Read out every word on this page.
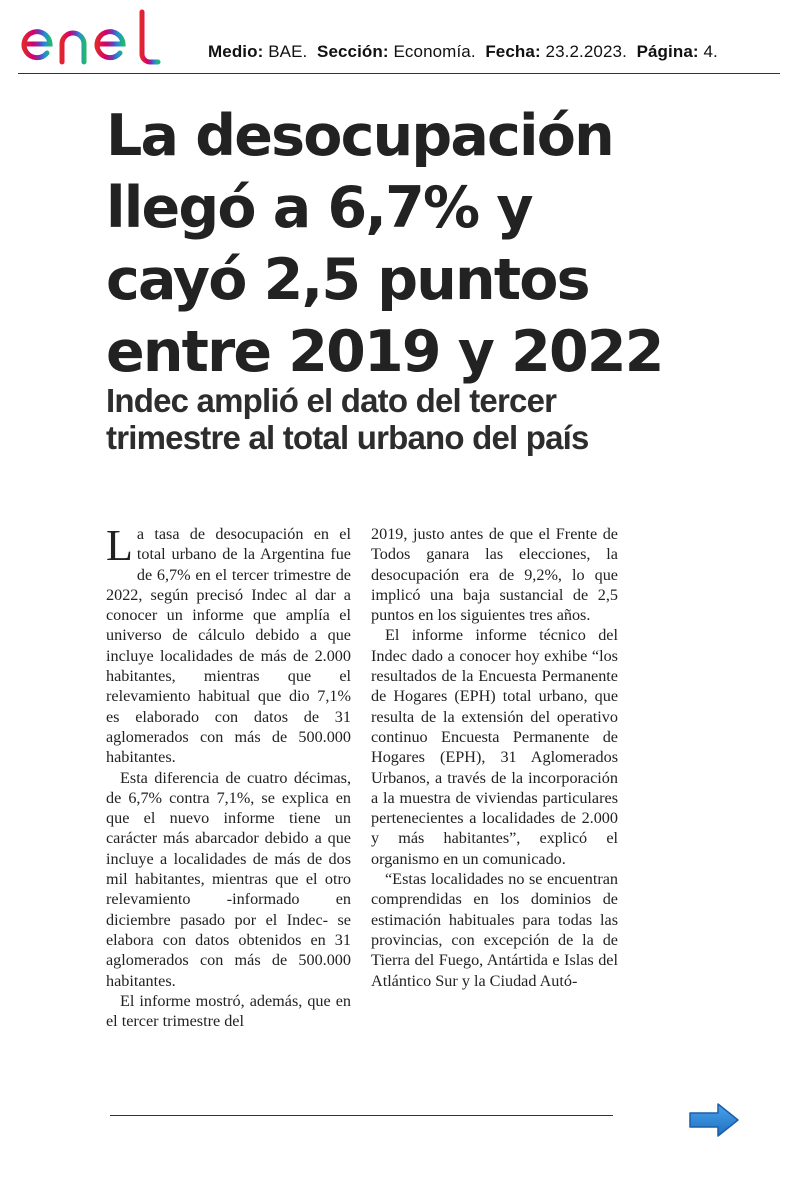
Medio: BAE. Sección: Economía. Fecha: 23.2.2023. Página: 4.
La desocupación llegó a 6,7% y cayó 2,5 puntos entre 2019 y 2022
Indec amplió el dato del tercer trimestre al total urbano del país

La tasa de desocupación en el total urbano de la Argentina fue de 6,7% en el tercer trimestre de 2022, según precisó Indec al dar a conocer un informe que amplía el universo de cálculo debido a que incluye localidades de más de 2.000 habitantes, mientras que el relevamiento habitual que dio 7,1% es elaborado con datos de 31 aglomerados con más de 500.000 habitantes.

Esta diferencia de cuatro décimas, de 6,7% contra 7,1%, se explica en que el nuevo informe tiene un carácter más abarcador debido a que incluye a localidades de más de dos mil habitantes, mientras que el otro relevamiento -informado en diciembre pasado por el Indec- se elabora con datos obtenidos en 31 aglomerados con más de 500.000 habitantes.

El informe mostró, además, que en el tercer trimestre del

2019, justo antes de que el Frente de Todos ganara las elecciones, la desocupación era de 9,2%, lo que implicó una baja sustancial de 2,5 puntos en los siguientes tres años.

El informe informe técnico del Indec dado a conocer hoy exhibe “los resultados de la Encuesta Permanente de Hogares (EPH) total urbano, que resulta de la extensión del operativo continuo Encuesta Permanente de Hogares (EPH), 31 Aglomerados Urbanos, a través de la incorporación a la muestra de viviendas particulares pertenecientes a localidades de 2.000 y más habitantes”, explicó el organismo en un comunicado.

“Estas localidades no se encuentran comprendidas en los dominios de estimación habituales para todas las provincias, con excepción de la de Tierra del Fuego, Antártida e Islas del Atlántico Sur y la Ciudad Autó-
